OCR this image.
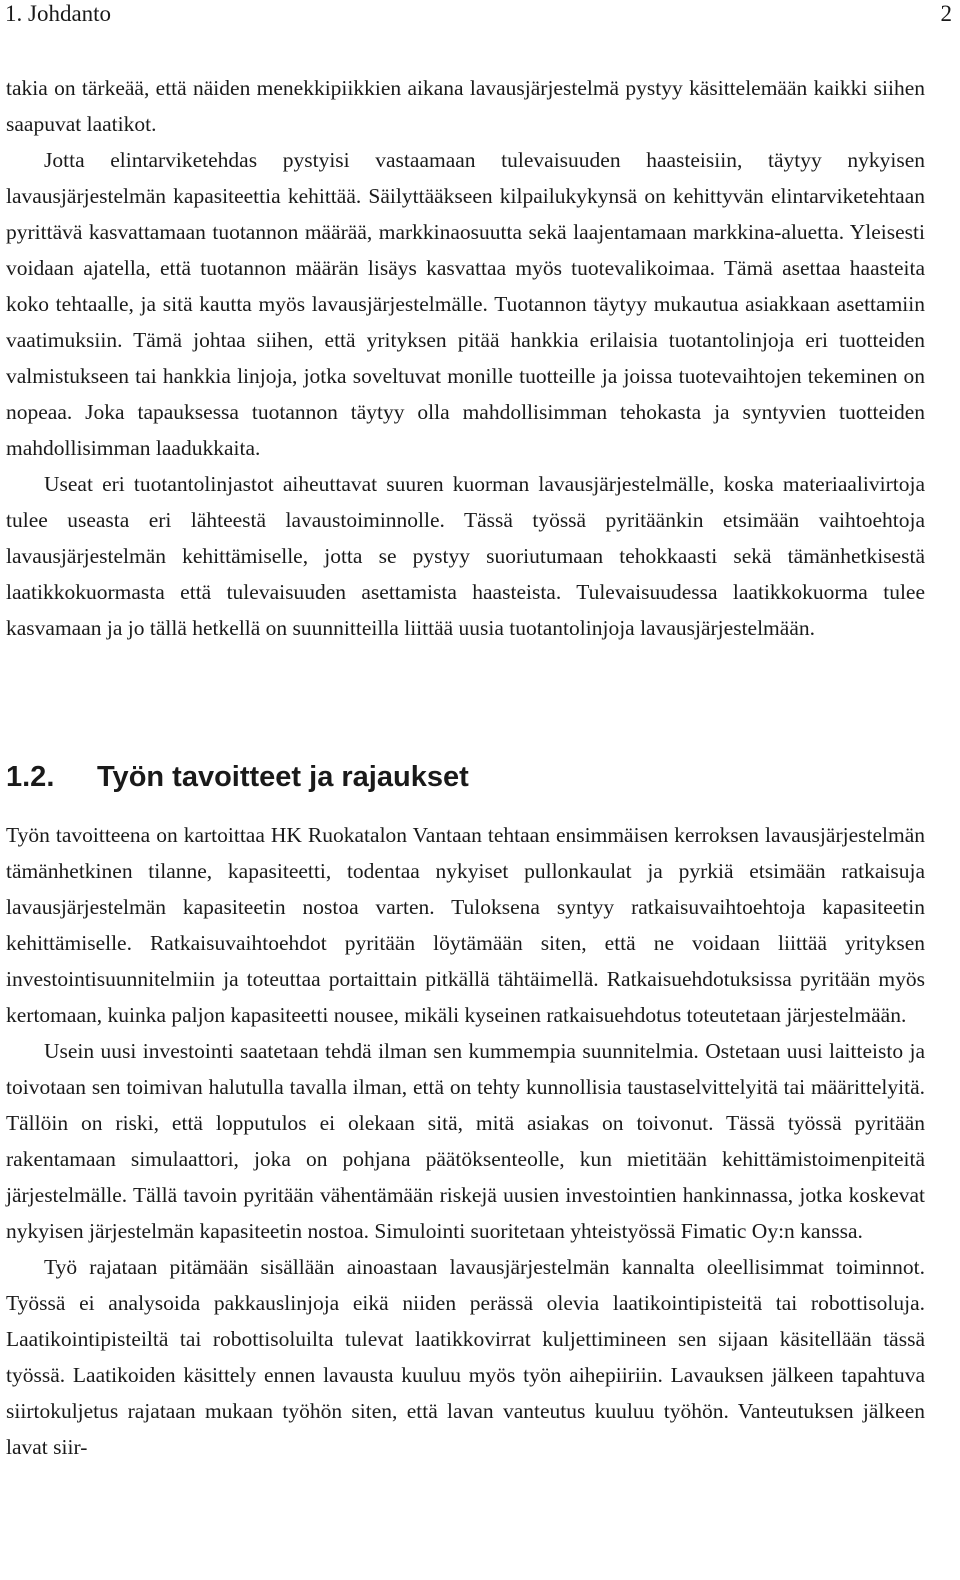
1. Johdanto	2

takia on tärkeää, että näiden menekkipiikkien aikana lavausjärjestelmä pystyy käsittelemään kaikki siihen saapuvat laatikot.

Jotta elintarviketehdas pystyisi vastaamaan tulevaisuuden haasteisiin, täytyy nykyisen lavausjärjestelmän kapasiteettia kehittää. Säilyttääkseen kilpailukykynsä on kehittyvän elintarviketehtaan pyrittävä kasvattamaan tuotannon määrää, markkinaosuutta sekä laajentamaan markkina-aluetta. Yleisesti voidaan ajatella, että tuotannon määrän lisäys kasvattaa myös tuotevalikoimaa. Tämä asettaa haasteita koko tehtaalle, ja sitä kautta myös lavausjärjestelmälle. Tuotannon täytyy mukautua asiakkaan asettamiin vaatimuksiin. Tämä johtaa siihen, että yrityksen pitää hankkia erilaisia tuotantolinjoja eri tuotteiden valmistukseen tai hankkia linjoja, jotka soveltuvat monille tuotteille ja joissa tuotevaihtojen tekeminen on nopeaa. Joka tapauksessa tuotannon täytyy olla mahdollisimman tehokasta ja syntyvien tuotteiden mahdollisimman laadukkaita.

Useat eri tuotantolinjastot aiheuttavat suuren kuorman lavausjärjestelmälle, koska materiaalivirtoja tulee useasta eri lähteestä lavaustoiminnolle. Tässä työssä pyritäänkin etsimään vaihtoehtoja lavausjärjestelmän kehittämiselle, jotta se pystyy suoriutumaan tehokkaasti sekä tämänhetkisestä laatikkokuormasta että tulevaisuuden asettamista haasteista. Tulevaisuudessa laatikkokuorma tulee kasvamaan ja jo tällä hetkellä on suunnitteilla liittää uusia tuotantolinjoja lavausjärjestelmään.

1.2. Työn tavoitteet ja rajaukset

Työn tavoitteena on kartoittaa HK Ruokatalon Vantaan tehtaan ensimmäisen kerroksen lavausjärjestelmän tämänhetkinen tilanne, kapasiteetti, todentaa nykyiset pullonkaulat ja pyrkiä etsimään ratkaisuja lavausjärjestelmän kapasiteetin nostoa varten. Tuloksena syntyy ratkaisuvaihtoehtoja kapasiteetin kehittämiselle. Ratkaisuvaihtoehdot pyritään löytämään siten, että ne voidaan liittää yrityksen investointisuunnitelmiin ja toteuttaa portaittain pitkällä tähtäimellä. Ratkaisuehdotuksissa pyritään myös kertomaan, kuinka paljon kapasiteetti nousee, mikäli kyseinen ratkaisuehdotus toteutetaan järjestelmään.

Usein uusi investointi saatetaan tehdä ilman sen kummempia suunnitelmia. Ostetaan uusi laitteisto ja toivotaan sen toimivan halutulla tavalla ilman, että on tehty kunnollisia taustaselvittelyitä tai määrittelyitä. Tällöin on riski, että lopputulos ei olekaan sitä, mitä asiakas on toivonut. Tässä työssä pyritään rakentamaan simulaattori, joka on pohjana päätöksenteolle, kun mietitään kehittämistoimenpiteitä järjestelmälle. Tällä tavoin pyritään vähentämään riskejä uusien investointien hankinnassa, jotka koskevat nykyisen järjestelmän kapasiteetin nostoa. Simulointi suoritetaan yhteistyössä Fimatic Oy:n kanssa.

Työ rajataan pitämään sisällään ainoastaan lavausjärjestelmän kannalta oleellisimmat toiminnot. Työssä ei analysoida pakkauslinjoja eikä niiden perässä olevia laatikointipisteitä tai robottisoluja. Laatikointipisteiltä tai robottisoluilta tulevat laatikkovirrat kuljettimineen sen sijaan käsitellään tässä työssä. Laatikoiden käsittely ennen lavausta kuuluu myös työn aihepiiriin. Lavauksen jälkeen tapahtuva siirtokuljetus rajataan mukaan työhön siten, että lavan vanteutus kuuluu työhön. Vanteutuksen jälkeen lavat siir-
